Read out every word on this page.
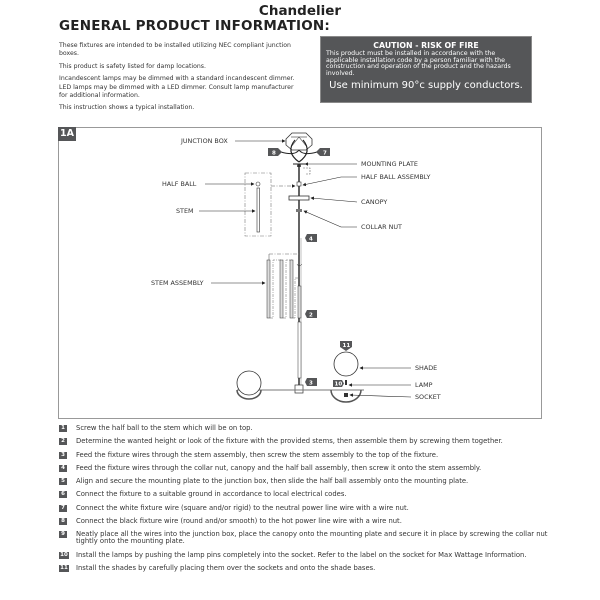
Chandelier
GENERAL PRODUCT INFORMATION:

These fixtures are intended to be installed utilizing NEC compliant junction boxes.

This product is safety listed for damp locations.

Incandescent lamps may be dimmed with a standard incandescent dimmer. LED lamps may be dimmed with a LED dimmer. Consult lamp manufacturer for additional information.

This instruction shows a typical installation.

CAUTION - RISK OF FIRE
This product must be installed in accordance with the applicable installation code by a person familiar with the construction and operation of the product and the hazards involved.
Use minimum 90°c supply conductors.
1A
8	7
4
2
3
11
10
JUNCTION BOX
HALF BALL
STEM
STEM ASSEMBLY
MOUNTING PLATE
HALF BALL ASSEMBLY
CANOPY
COLLAR NUT
SHADE
LAMP
SOCKET
1	Screw the half ball to the stem which will be on top.
2	Determine the wanted height or look of the fixture with the provided stems, then assemble them by screwing them together.
3	Feed the fixture wires through the stem assembly, then screw the stem assembly to the top of the fixture.
4	Feed the fixture wires through the collar nut, canopy and the half ball assembly, then screw it onto the stem assembly.
5	Align and secure the mounting plate to the junction box, then slide the half ball assembly onto the mounting plate.
6	Connect the fixture to a suitable ground in accordance to local electrical codes.
7	Connect the white fixture wire (square and/or rigid) to the neutral power line wire with a wire nut.
8	Connect the black fixture wire (round and/or smooth) to the hot power line wire with a wire nut.
9	Neatly place all the wires into the junction box, place the canopy onto the mounting plate and secure it in place by screwing the collar nut tightly onto the mounting plate.
10 Install the lamps by pushing the lamp pins completely into the socket. Refer to the label on the socket for Max Wattage Information.
11 Install the shades by carefully placing them over the sockets and onto the shade bases.
